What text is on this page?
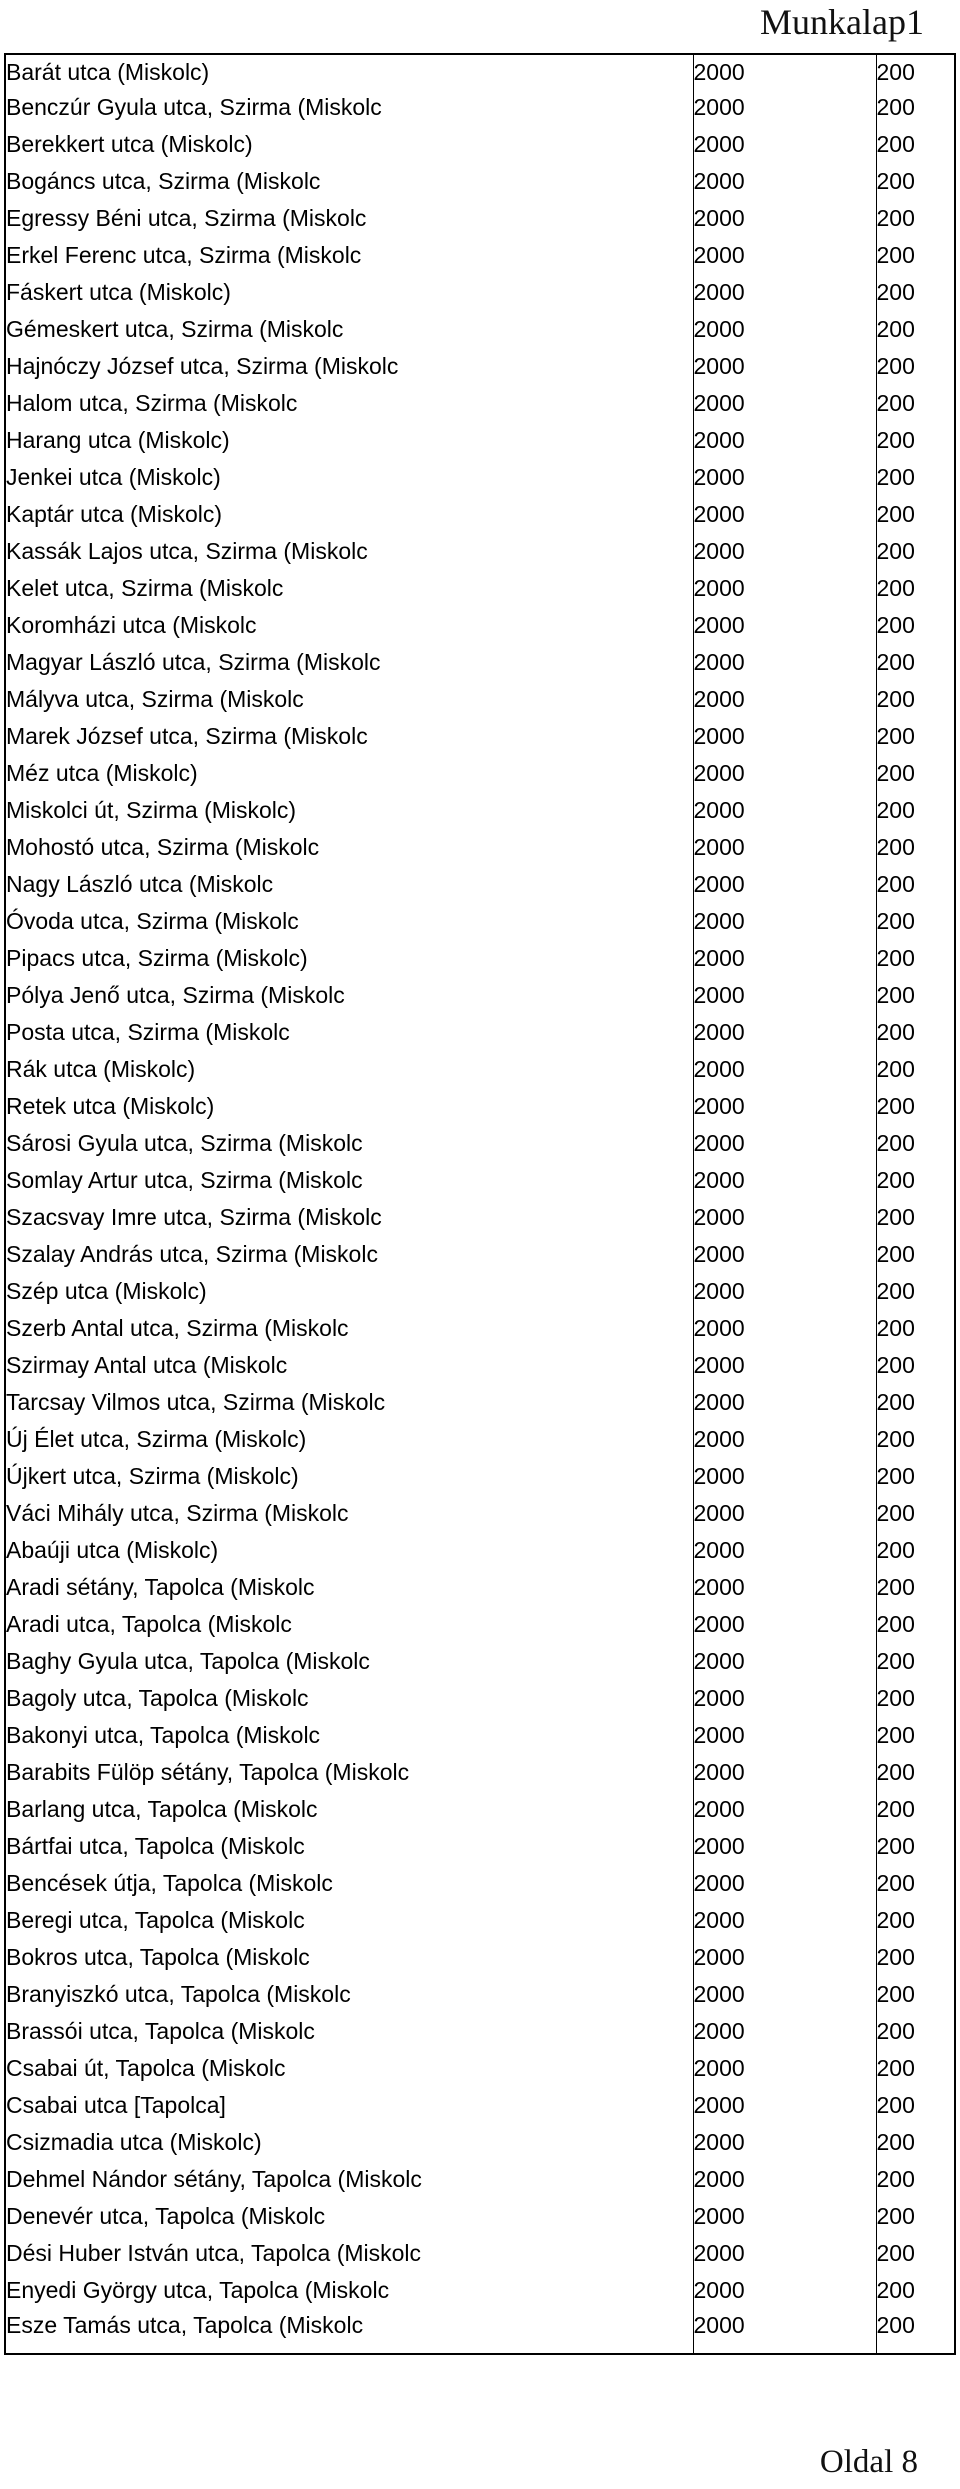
Munkalap1
Barát utca (Miskolc)	2000	200
Benczúr Gyula utca, Szirma (Miskolc	2000	200
Berekkert utca (Miskolc)	2000	200
Bogáncs utca, Szirma (Miskolc	2000	200
Egressy Béni utca, Szirma (Miskolc	2000	200
Erkel Ferenc utca, Szirma (Miskolc	2000	200
Fáskert utca (Miskolc)	2000	200
Gémeskert utca, Szirma (Miskolc	2000	200
Hajnóczy József utca, Szirma (Miskolc	2000	200
Halom utca, Szirma (Miskolc	2000	200
Harang utca (Miskolc)	2000	200
Jenkei utca (Miskolc)	2000	200
Kaptár utca (Miskolc)	2000	200
Kassák Lajos utca, Szirma (Miskolc	2000	200
Kelet utca, Szirma (Miskolc	2000	200
Koromházi utca (Miskolc	2000	200
Magyar László utca, Szirma (Miskolc	2000	200
Mályva utca, Szirma (Miskolc	2000	200
Marek József utca, Szirma (Miskolc	2000	200
Méz utca (Miskolc)	2000	200
Miskolci út, Szirma (Miskolc)	2000	200
Mohostó utca, Szirma (Miskolc	2000	200
Nagy László utca (Miskolc	2000	200
Óvoda utca, Szirma (Miskolc	2000	200
Pipacs utca, Szirma (Miskolc)	2000	200
Pólya Jenő utca, Szirma (Miskolc	2000	200
Posta utca, Szirma (Miskolc	2000	200
Rák utca (Miskolc)	2000	200
Retek utca (Miskolc)	2000	200
Sárosi Gyula utca, Szirma (Miskolc	2000	200
Somlay Artur utca, Szirma (Miskolc	2000	200
Szacsvay Imre utca, Szirma (Miskolc	2000	200
Szalay András utca, Szirma (Miskolc	2000	200
Szép utca (Miskolc)	2000	200
Szerb Antal utca, Szirma (Miskolc	2000	200
Szirmay Antal utca (Miskolc	2000	200
Tarcsay Vilmos utca, Szirma (Miskolc	2000	200
Új Élet utca, Szirma (Miskolc)	2000	200
Újkert utca, Szirma (Miskolc)	2000	200
Váci Mihály utca, Szirma (Miskolc	2000	200
Abaúji utca (Miskolc)	2000	200
Aradi sétány, Tapolca (Miskolc	2000	200
Aradi utca, Tapolca (Miskolc	2000	200
Baghy Gyula utca, Tapolca (Miskolc	2000	200
Bagoly utca, Tapolca (Miskolc	2000	200
Bakonyi utca, Tapolca (Miskolc	2000	200
Barabits Fülöp sétány, Tapolca (Miskolc	2000	200
Barlang utca, Tapolca (Miskolc	2000	200
Bártfai utca, Tapolca (Miskolc	2000	200
Bencések útja, Tapolca (Miskolc	2000	200
Beregi utca, Tapolca (Miskolc	2000	200
Bokros utca, Tapolca (Miskolc	2000	200
Branyiszkó utca, Tapolca (Miskolc	2000	200
Brassói utca, Tapolca (Miskolc	2000	200
Csabai út, Tapolca (Miskolc	2000	200
Csabai utca [Tapolca]	2000	200
Csizmadia utca (Miskolc)	2000	200
Dehmel Nándor sétány, Tapolca (Miskolc	2000	200
Denevér utca, Tapolca (Miskolc	2000	200
Dési Huber István utca, Tapolca (Miskolc	2000	200
Enyedi György utca, Tapolca (Miskolc	2000	200
Esze Tamás utca, Tapolca (Miskolc	2000	200
Oldal 8
